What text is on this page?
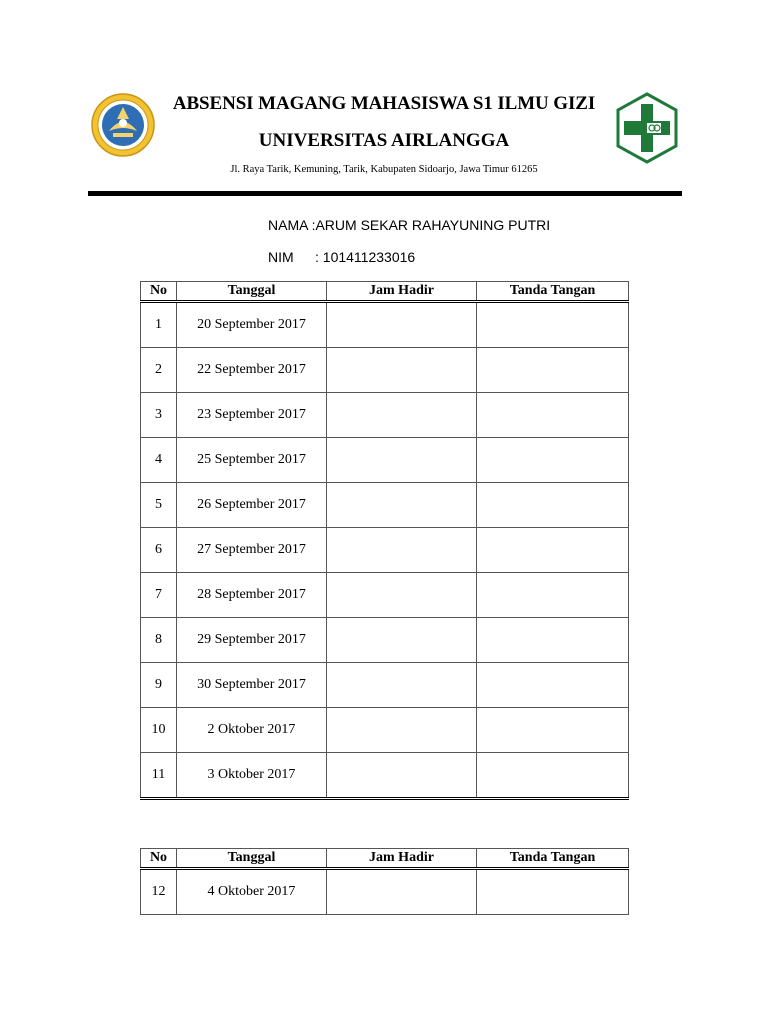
ABSENSI MAGANG MAHASISWA S1 ILMU GIZI
UNIVERSITAS AIRLANGGA
Jl. Raya Tarik, Kemuning, Tarik, Kabupaten Sidoarjo, Jawa Timur 61265
NAMA :ARUM SEKAR RAHAYUNING PUTRI
NIM : 101411233016
No	Tanggal	Jam Hadir	Tanda Tangan
1	20 September 2017		
2	22 September 2017		
3	23 September 2017		
4	25 September 2017		
5	26 September 2017		
6	27 September 2017		
7	28 September 2017		
8	29 September 2017		
9	30 September 2017		
10	2 Oktober 2017		
11	3 Oktober 2017		
No	Tanggal	Jam Hadir	Tanda Tangan
12	4 Oktober 2017		
